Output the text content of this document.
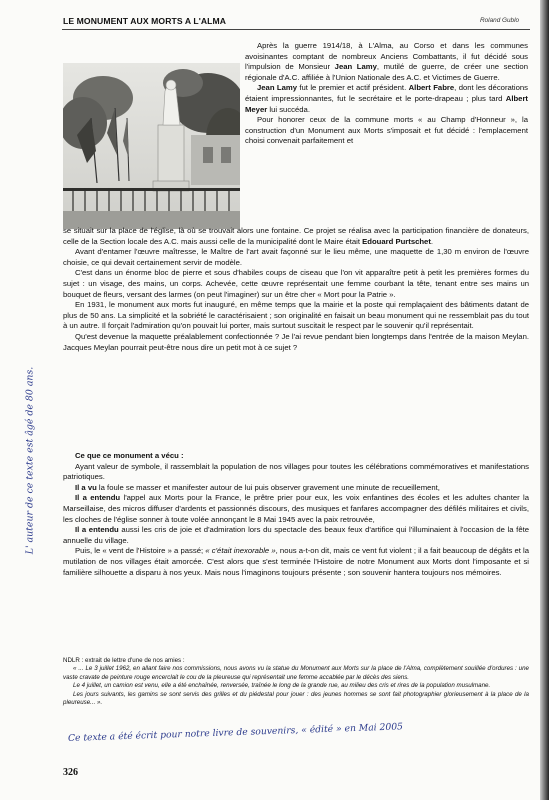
LE MONUMENT AUX MORTS A L'ALMA	Roland Gublo

Après la guerre 1914/18, à L'Alma, au Corso et dans les communes avoisinantes comptant de nombreux Anciens Combattants, il fut décidé sous l'impulsion de Monsieur Jean Lamy, mutilé de guerre, de créer une section régionale d'A.C. affiliée à l'Union Nationale des A.C. et Victimes de Guerre.

Jean Lamy fut le premier et actif président. Albert Fabre, dont les décorations étaient impressionnantes, fut le secrétaire et le porte-drapeau ; plus tard Albert Meyer lui succéda.

Pour honorer ceux de la commune morts « au Champ d'Honneur », la construction d'un Monument aux Morts s'imposait et fut décidé : l'emplacement choisi convenait parfaitement et

se situait sur la place de l'église, là où se trouvait alors une fontaine. Ce projet se réalisa avec la participation financière de donateurs, celle de la Section locale des A.C. mais aussi celle de la municipalité dont le Maire était Edouard Purtschet.

Avant d'entamer l'œuvre maîtresse, le Maître de l'art avait façonné sur le lieu même, une maquette de 1,30 m environ de l'œuvre choisie, ce qui devait certainement servir de modèle.

C'est dans un énorme bloc de pierre et sous d'habiles coups de ciseau que l'on vit apparaître petit à petit les premières formes du sujet : un visage, des mains, un corps. Achevée, cette œuvre représentait une femme courbant la tête, tenant entre ses mains un bouquet de fleurs, versant des larmes (on peut l'imaginer) sur un être cher « Mort pour la Patrie ».

En 1931, le monument aux morts fut inauguré, en même temps que la mairie et la poste qui remplaçaient des bâtiments datant de plus de 50 ans. La simplicité et la sobriété le caractérisaient ; son originalité en faisait un beau monument qui ne ressemblait pas du tout à un autre. Il forçait l'admiration qu'on pouvait lui porter, mais surtout suscitait le respect par le souvenir qu'il représentait.

Qu'est devenue la maquette préalablement confectionnée ? Je l'ai revue pendant bien longtemps dans l'entrée de la maison Meylan. Jacques Meylan pourrait peut-être nous dire un petit mot à ce sujet ?

Ce que ce monument a vécu :

Ayant valeur de symbole, il rassemblait la population de nos villages pour toutes les célébrations commémoratives et manifestations patriotiques.

Il a vu la foule se masser et manifester autour de lui puis observer gravement une minute de recueillement,

Il a entendu l'appel aux Morts pour la France, le prêtre prier pour eux, les voix enfantines des écoles et les adultes chanter la Marseillaise, des micros diffuser d'ardents et passionnés discours, des musiques et fanfares accompagner des défilés militaires et civils, les cloches de l'église sonner à toute volée annonçant le 8 Mai 1945 avec la paix retrouvée,

Il a entendu aussi les cris de joie et d'admiration lors du spectacle des beaux feux d'artifice qui l'illuminaient à l'occasion de la fête annuelle du village.

Puis, le « vent de l'Histoire » a passé; « c'était inexorable », nous a-t-on dit, mais ce vent fut violent ; il a fait beaucoup de dégâts et la mutilation de nos villages était amorcée. C'est alors que s'est terminée l'Histoire de notre Monument aux Morts dont l'imposante et si familière silhouette a disparu à nos yeux. Mais nous l'imaginons toujours présente ; son souvenir hantera toujours nos mémoires.

NDLR : extrait de lettre d'une de nos amies :

« ... Le 3 juillet 1962, en allant faire nos commissions, nous avons vu la statue du Monument aux Morts sur la place de l'Alma, complètement souillée d'ordures : une vaste cravate de peinture rouge encerclait le cou de la pleureuse qui représentait une femme accablée par le décès des siens.

Le 4 juillet, un camion est venu, elle a été enchaînée, renversée, traînée le long de la grande rue, au milieu des cris et rires de la population musulmane.

Les jours suivants, les gamins se sont servis des grilles et du piédestal pour jouer : des jeunes hommes se sont fait photographier glorieusement à la place de la pleureuse... ».

L' auteur de ce texte est âgé de 80 ans.
Ce texte a été écrit pour notre livre de souvenirs, « édité » en Mai 2005
326
